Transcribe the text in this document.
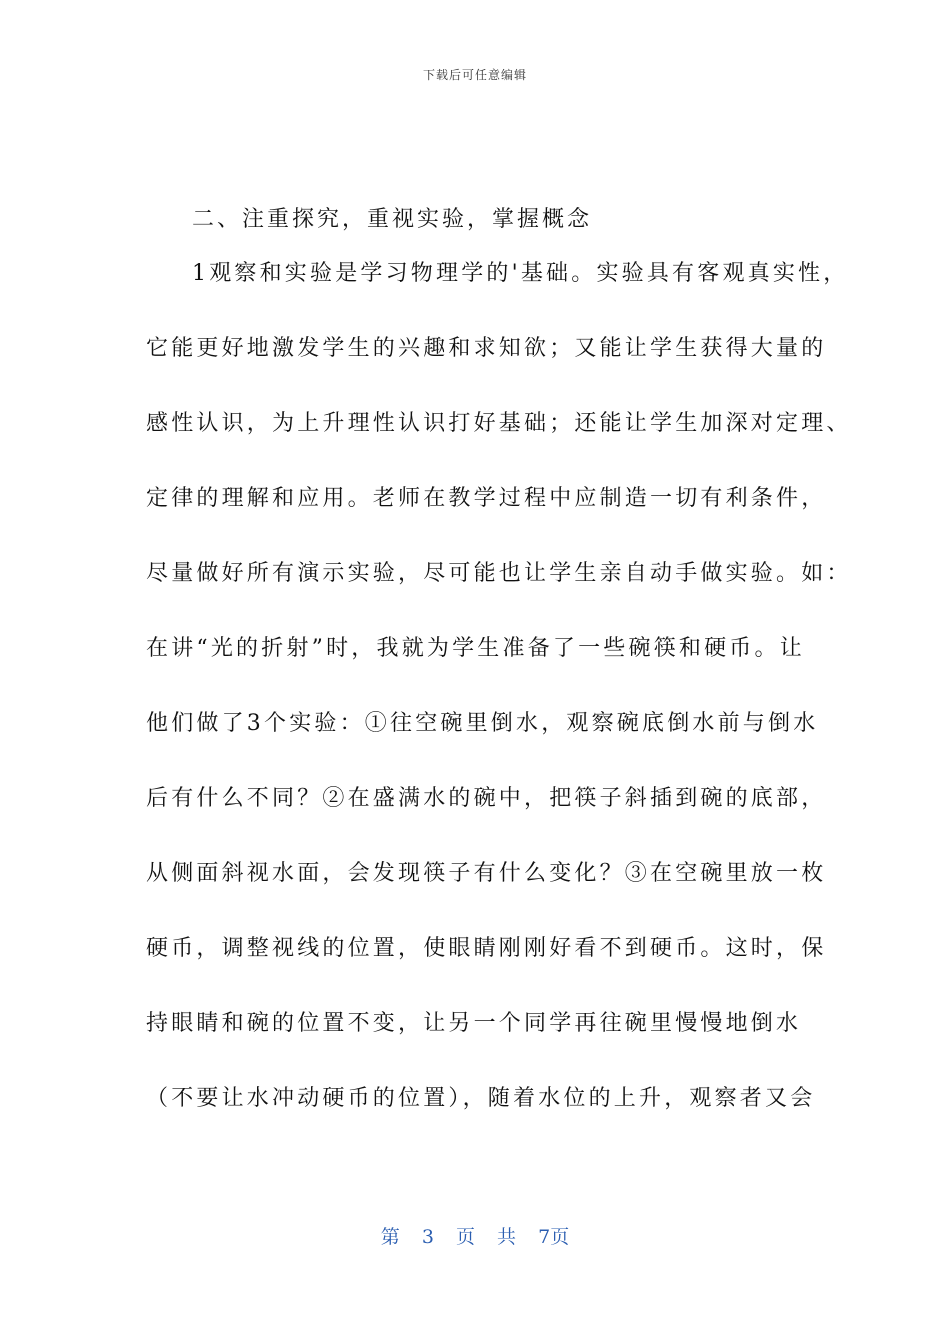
下载后可任意编辑
二、注重探究，重视实验，掌握概念
1观察和实验是学习物理学的'基础。实验具有客观真实性，
它能更好地激发学生的兴趣和求知欲；又能让学生获得大量的
感性认识，为上升理性认识打好基础；还能让学生加深对定理、
定律的理解和应用。老师在教学过程中应制造一切有利条件，
尽量做好所有演示实验，尽可能也让学生亲自动手做实验。如：
在讲“光的折射”时，我就为学生准备了一些碗筷和硬币。让
他们做了3个实验：①往空碗里倒水，观察碗底倒水前与倒水
后有什么不同？②在盛满水的碗中，把筷子斜插到碗的底部，
从侧面斜视水面，会发现筷子有什么变化？③在空碗里放一枚
硬币，调整视线的位置，使眼睛刚刚好看不到硬币。这时，保
持眼睛和碗的位置不变，让另一个同学再往碗里慢慢地倒水
（不要让水冲动硬币的位置），随着水位的上升，观察者又会
第 3 页 共 7页
